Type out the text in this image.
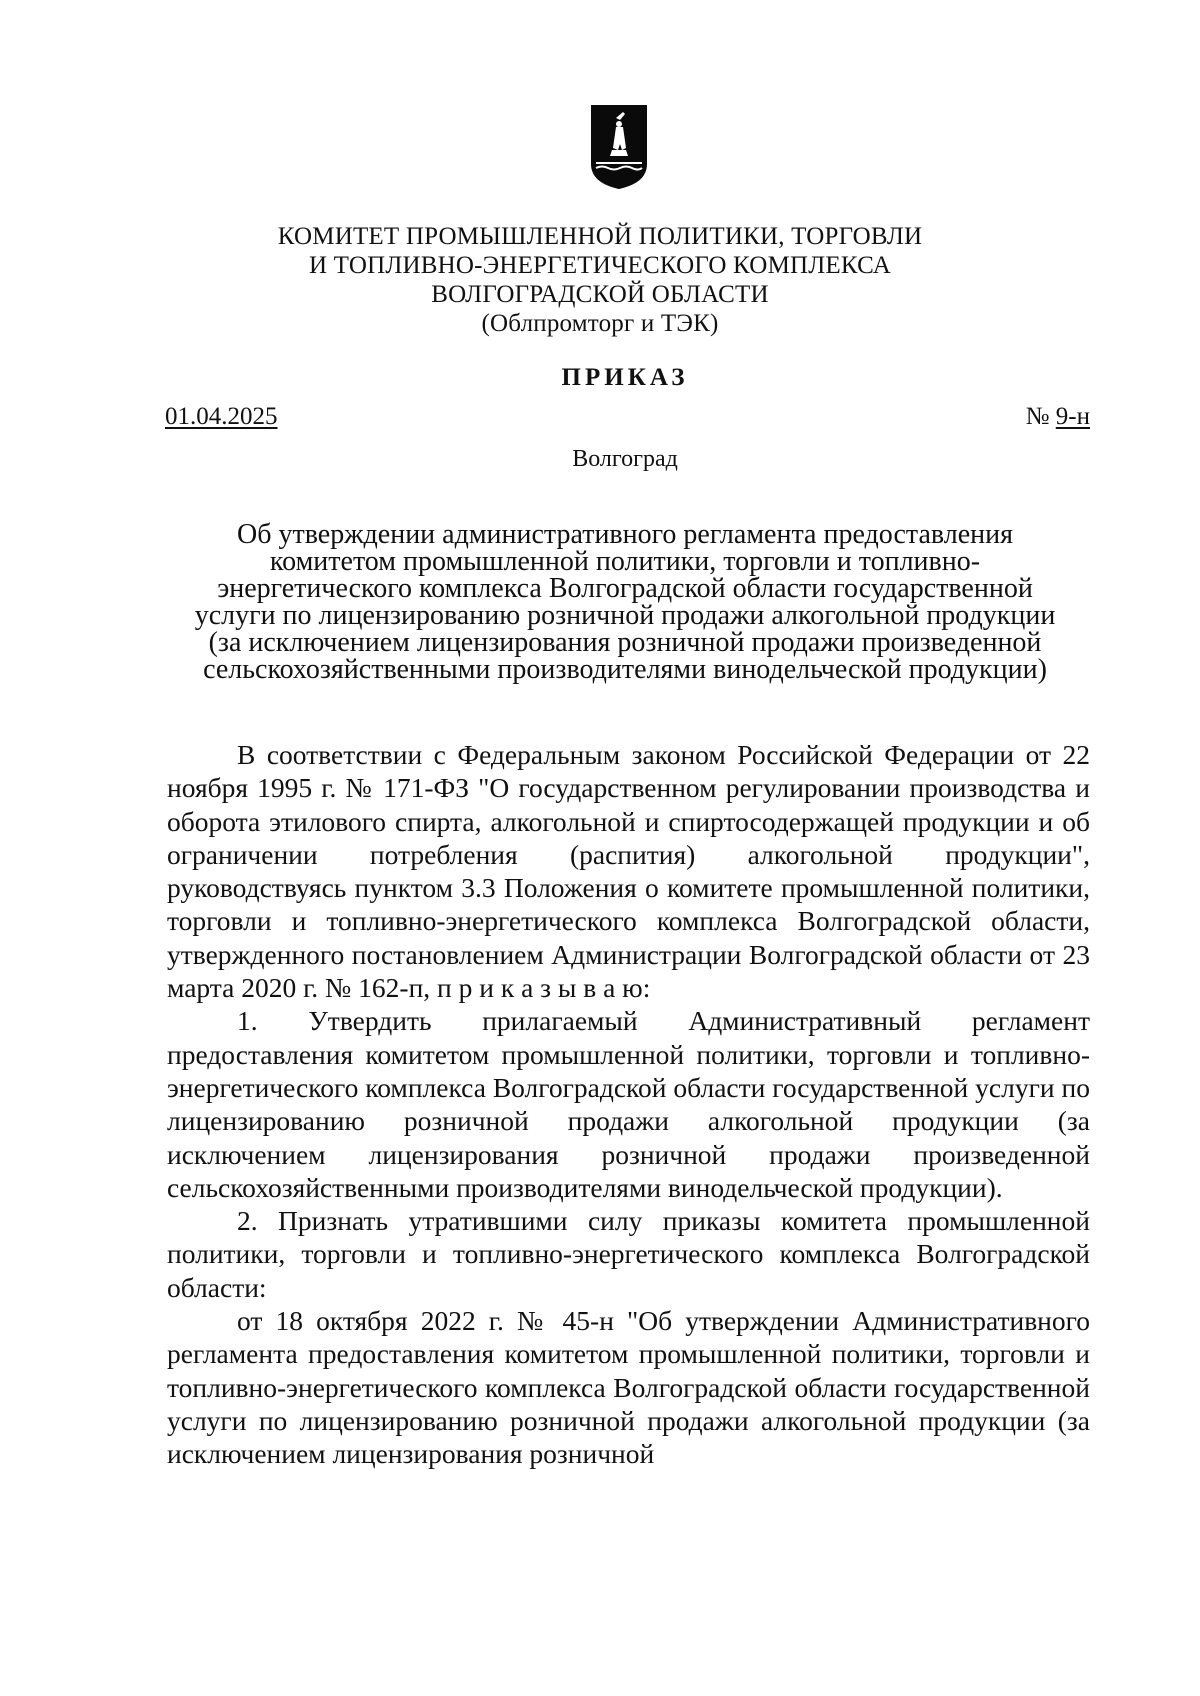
КОМИТЕТ ПРОМЫШЛЕННОЙ ПОЛИТИКИ, ТОРГОВЛИ
И ТОПЛИВНО-ЭНЕРГЕТИЧЕСКОГО КОМПЛЕКСА
ВОЛГОГРАДСКОЙ ОБЛАСТИ
(Облпромторг и ТЭК)
ПРИКАЗ
01.04.2025	№ 9-н
Волгоград
Об утверждении административного регламента предоставления
комитетом промышленной политики, торговли и топливно-
энергетического комплекса Волгоградской области государственной
услуги по лицензированию розничной продажи алкогольной продукции
(за исключением лицензирования розничной продажи произведенной
сельскохозяйственными производителями винодельческой продукции)

В соответствии с Федеральным законом Российской Федерации от 22 ноября 1995 г. № 171-ФЗ "О государственном регулировании производства и оборота этилового спирта, алкогольной и спиртосодержащей продукции и об ограничении потребления (распития) алкогольной продукции", руководствуясь пунктом 3.3 Положения о комитете промышленной политики, торговли и топливно-энергетического комплекса Волгоградской области, утвержденного постановлением Администрации Волгоградской области от 23 марта 2020 г. № 162-п, п р и к а з ы в а ю:

1. Утвердить прилагаемый Административный регламент предоставления комитетом промышленной политики, торговли и топливно-энергетического комплекса Волгоградской области государственной услуги по лицензированию розничной продажи алкогольной продукции (за исключением лицензирования розничной продажи произведенной сельскохозяйственными производителями винодельческой продукции).

2. Признать утратившими силу приказы комитета промышленной политики, торговли и топливно-энергетического комплекса Волгоградской области:

от 18 октября 2022 г. № 45-н "Об утверждении Административного регламента предоставления комитетом промышленной политики, торговли и топливно-энергетического комплекса Волгоградской области государственной услуги по лицензированию розничной продажи алкогольной продукции (за исключением лицензирования розничной
